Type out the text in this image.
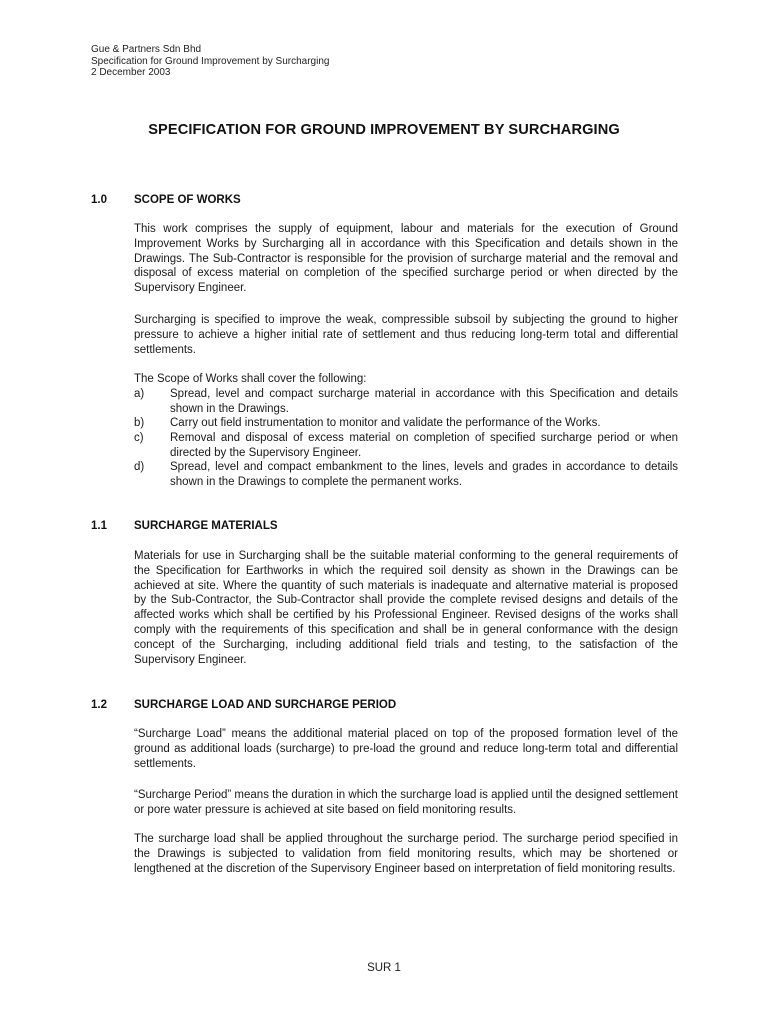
Gue & Partners Sdn Bhd
Specification for Ground Improvement by Surcharging
2 December 2003
SPECIFICATION FOR GROUND IMPROVEMENT BY SURCHARGING
1.0 SCOPE OF WORKS
This work comprises the supply of equipment, labour and materials for the execution of Ground Improvement Works by Surcharging all in accordance with this Specification and details shown in the Drawings. The Sub-Contractor is responsible for the provision of surcharge material and the removal and disposal of excess material on completion of the specified surcharge period or when directed by the Supervisory Engineer.
Surcharging is specified to improve the weak, compressible subsoil by subjecting the ground to higher pressure to achieve a higher initial rate of settlement and thus reducing long-term total and differential settlements.
The Scope of Works shall cover the following:
a) Spread, level and compact surcharge material in accordance with this Specification and details shown in the Drawings.
b) Carry out field instrumentation to monitor and validate the performance of the Works.
c) Removal and disposal of excess material on completion of specified surcharge period or when directed by the Supervisory Engineer.
d) Spread, level and compact embankment to the lines, levels and grades in accordance to details shown in the Drawings to complete the permanent works.
1.1 SURCHARGE MATERIALS
Materials for use in Surcharging shall be the suitable material conforming to the general requirements of the Specification for Earthworks in which the required soil density as shown in the Drawings can be achieved at site. Where the quantity of such materials is inadequate and alternative material is proposed by the Sub-Contractor, the Sub-Contractor shall provide the complete revised designs and details of the affected works which shall be certified by his Professional Engineer. Revised designs of the works shall comply with the requirements of this specification and shall be in general conformance with the design concept of the Surcharging, including additional field trials and testing, to the satisfaction of the Supervisory Engineer.
1.2 SURCHARGE LOAD AND SURCHARGE PERIOD
“Surcharge Load” means the additional material placed on top of the proposed formation level of the ground as additional loads (surcharge) to pre-load the ground and reduce long-term total and differential settlements.
“Surcharge Period” means the duration in which the surcharge load is applied until the designed settlement or pore water pressure is achieved at site based on field monitoring results.
The surcharge load shall be applied throughout the surcharge period. The surcharge period specified in the Drawings is subjected to validation from field monitoring results, which may be shortened or lengthened at the discretion of the Supervisory Engineer based on interpretation of field monitoring results.
SUR 1
